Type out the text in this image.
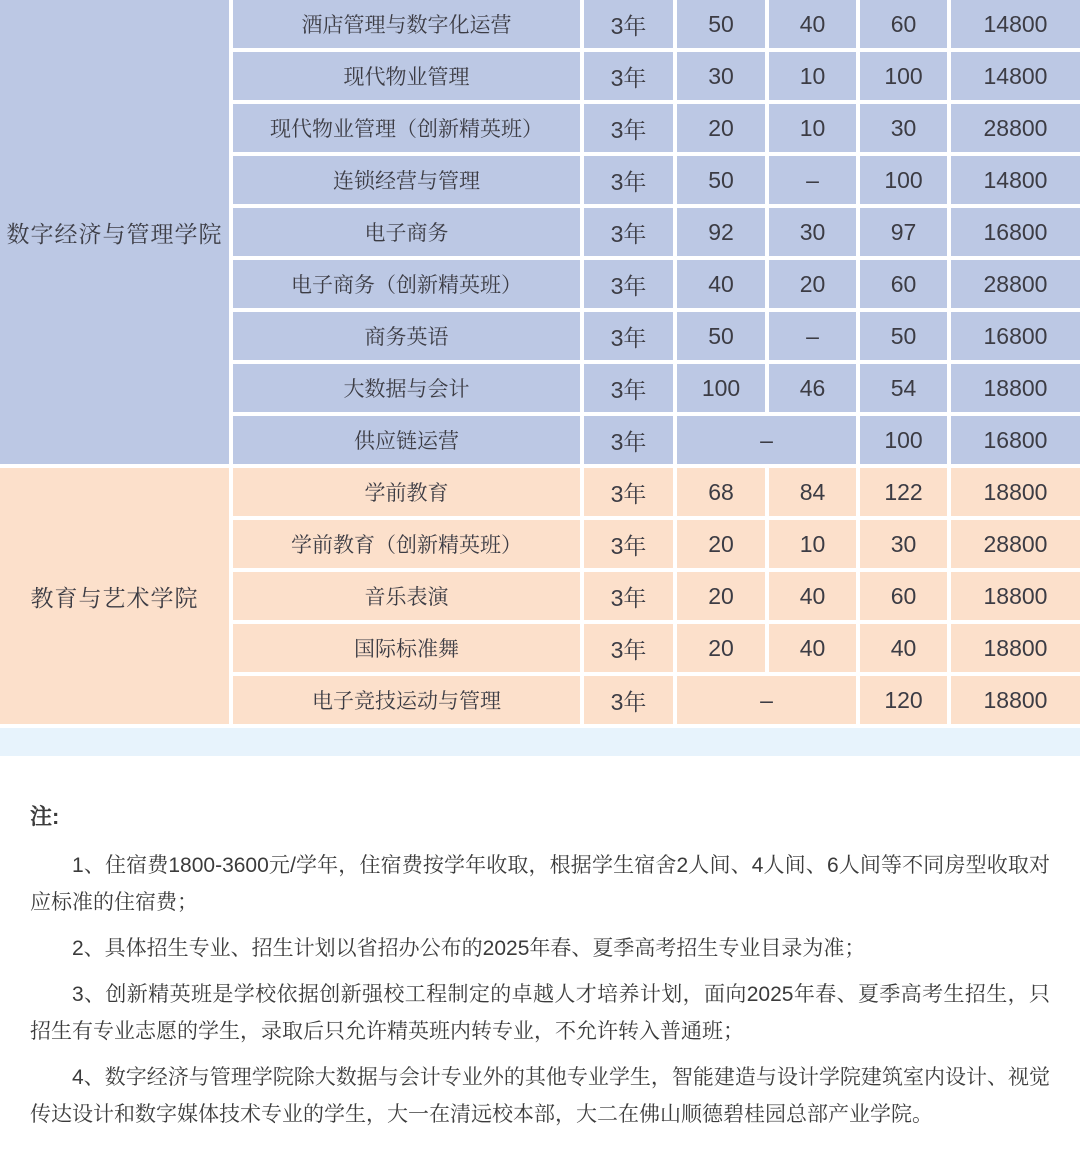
数字经济与管理学院	酒店管理与数字化运营	3年	50	40	60	14800
	现代物业管理	3年	30	10	100	14800
	现代物业管理（创新精英班）	3年	20	10	30	28800
	连锁经营与管理	3年	50	–	100	14800
	电子商务	3年	92	30	97	16800
	电子商务（创新精英班）	3年	40	20	60	28800
	商务英语	3年	50	–	50	16800
	大数据与会计	3年	100	46	54	18800
	供应链运营	3年	–		100	16800
教育与艺术学院	学前教育	3年	68	84	122	18800
	学前教育（创新精英班）	3年	20	10	30	28800
	音乐表演	3年	20	40	60	18800
	国际标准舞	3年	20	40	40	18800
	电子竞技运动与管理	3年	–		120	18800
注:

1、住宿费1800-3600元/学年，住宿费按学年收取，根据学生宿舍2人间、4人间、6人间等不同房型收取对应标准的住宿费；

2、具体招生专业、招生计划以省招办公布的2025年春、夏季高考招生专业目录为准；

3、创新精英班是学校依据创新强校工程制定的卓越人才培养计划，面向2025年春、夏季高考生招生，只招生有专业志愿的学生，录取后只允许精英班内转专业，不允许转入普通班；

4、数字经济与管理学院除大数据与会计专业外的其他专业学生，智能建造与设计学院建筑室内设计、视觉传达设计和数字媒体技术专业的学生，大一在清远校本部，大二在佛山顺德碧桂园总部产业学院。
